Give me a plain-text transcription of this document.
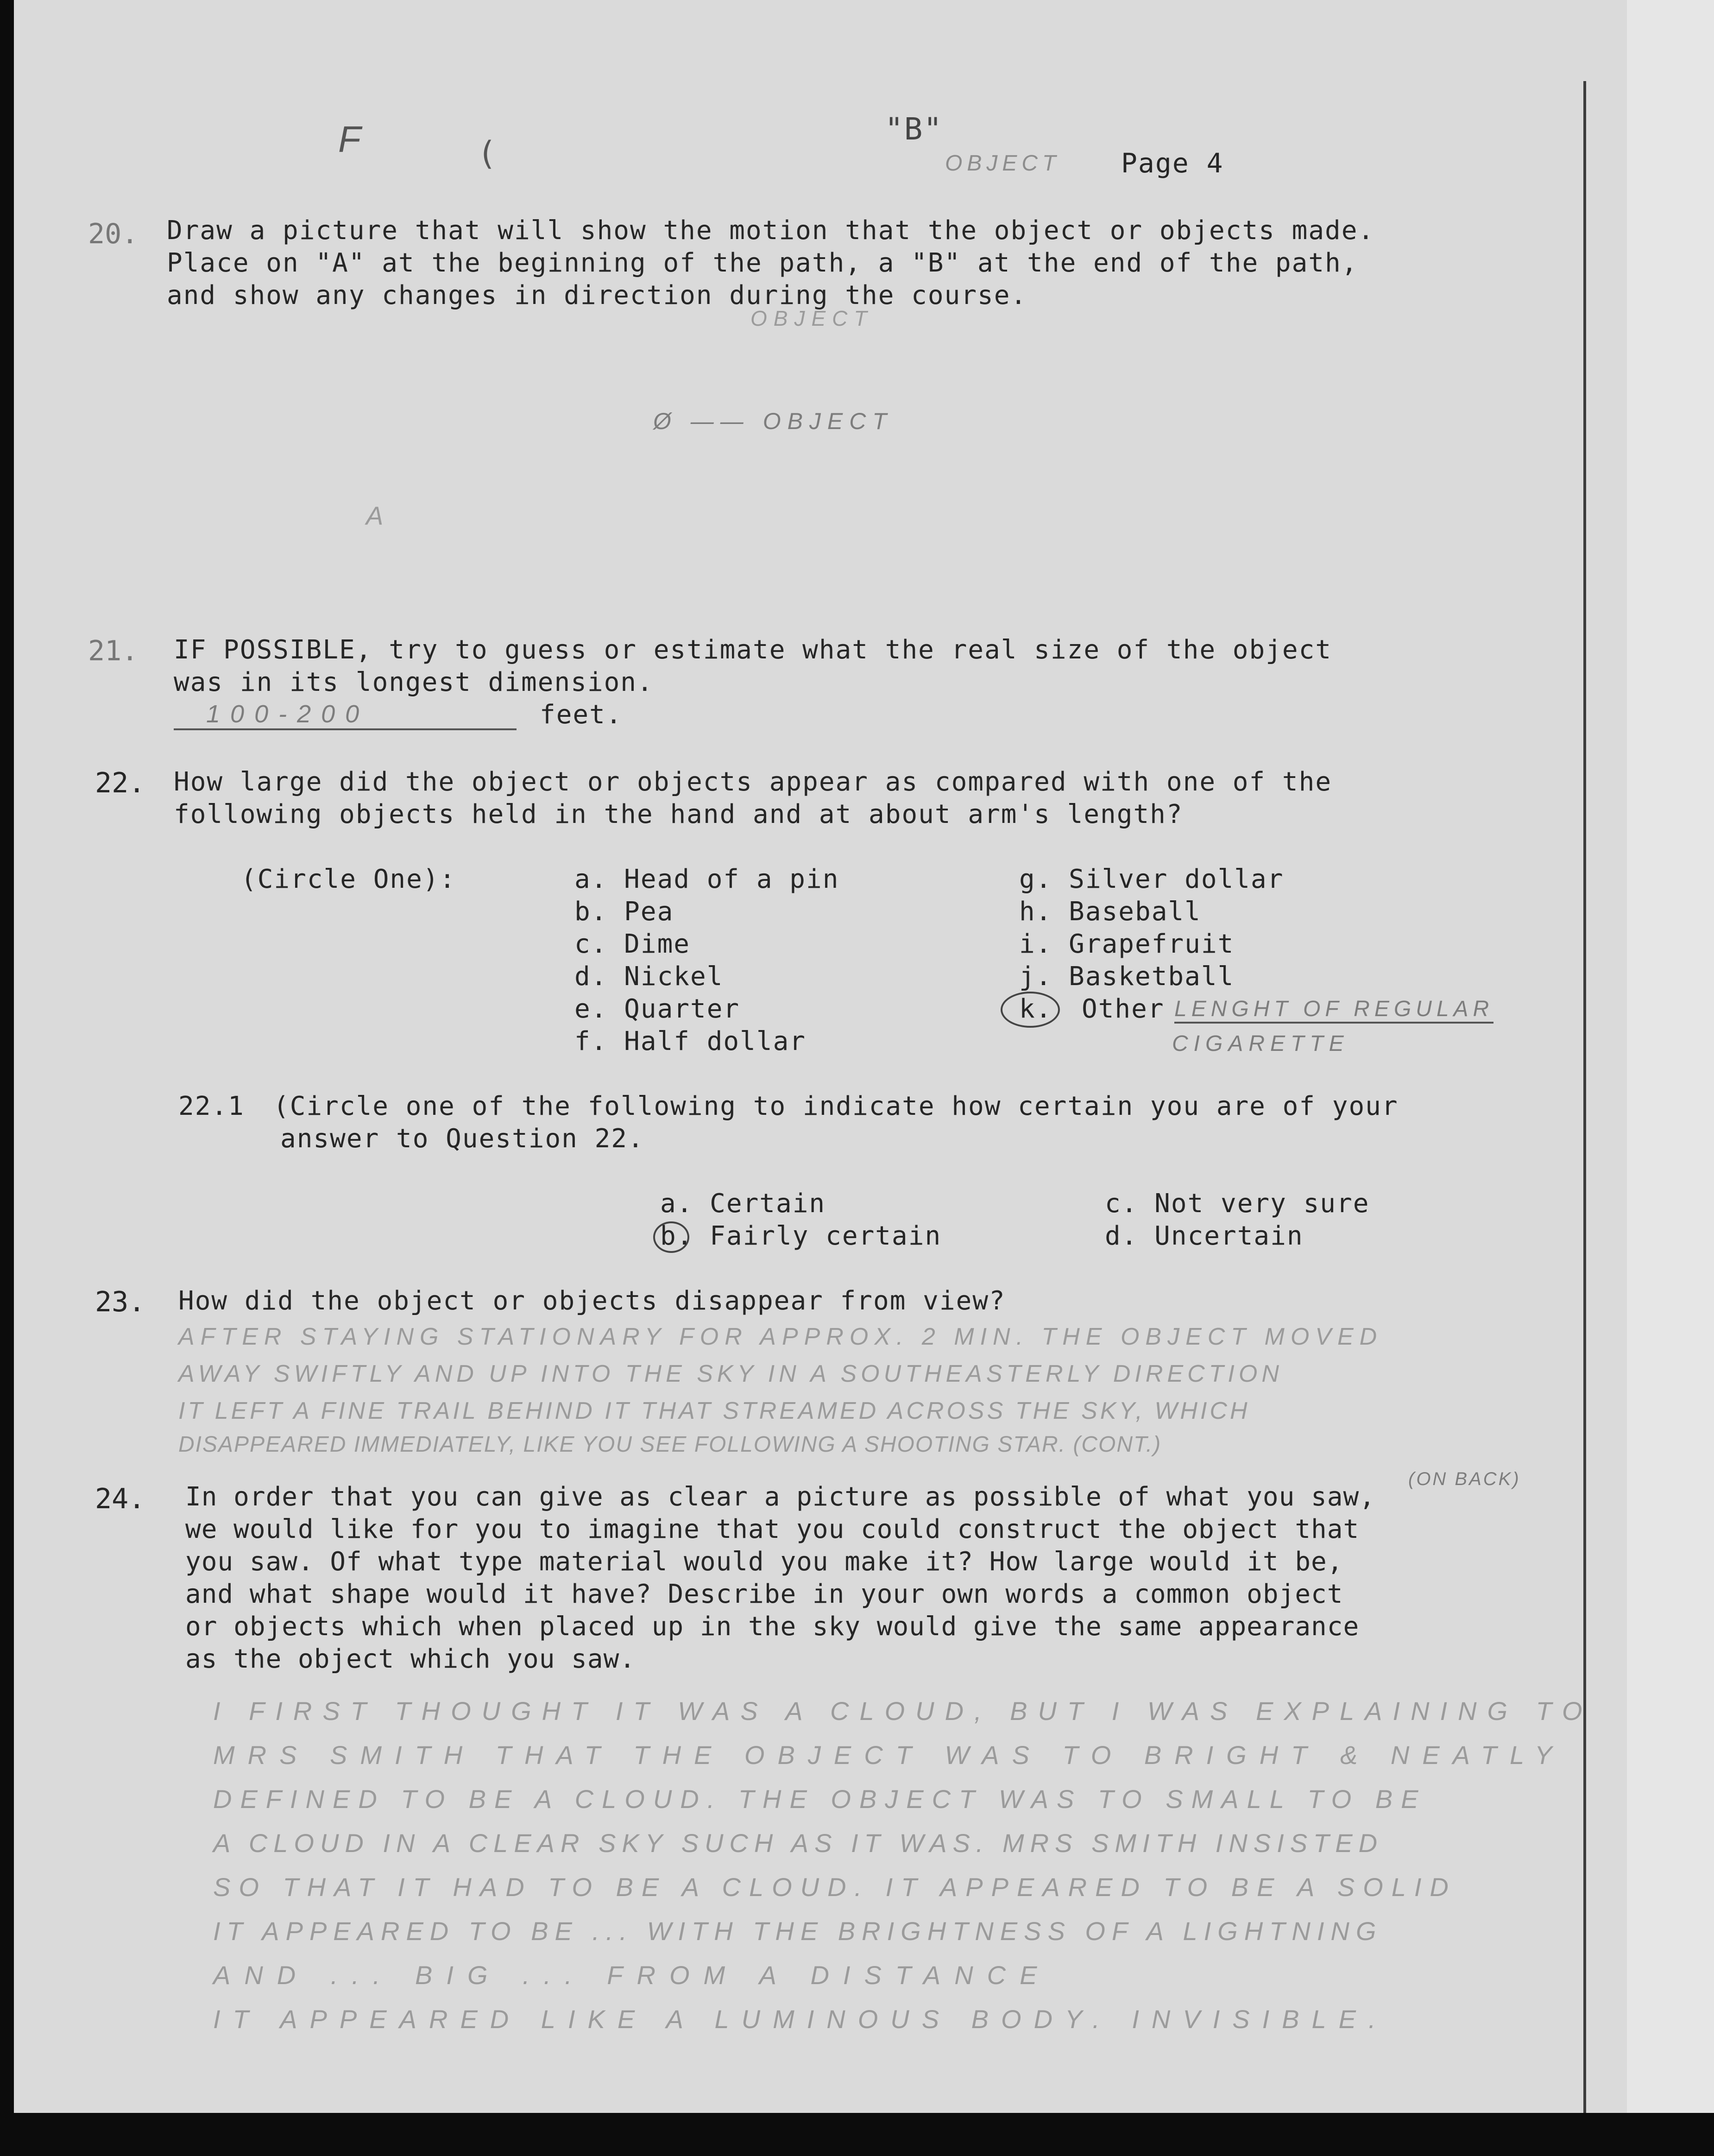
F	(
"B"
OBJECT Page 4
20. Draw a picture that will show the motion that the object or objects made.
Place on "A" at the beginning of the path, a "B" at the end of the path,
and show any changes in direction during the course.
OBJECT
Ø —— OBJECT
A
21. IF POSSIBLE, try to guess or estimate what the real size of the object
was in its longest dimension.
100-200	feet.
22. How large did the object or objects appear as compared with one of the
following objects held in the hand and at about arm's length?
(Circle One):	a. Head of a pin
b. Pea
c. Dime
d. Nickel
e. Quarter
f. Half dollar
g. Silver dollar
h. Baseball
i. Grapefruit
j. Basketball
k. Other LENGHT OF REGULAR
CIGARETTE
22.1 (Circle one of the following to indicate how certain you are of your
answer to Question 22.
a. Certain
b. Fairly certain
c. Not very sure
d. Uncertain
23. How did the object or objects disappear from view?
AFTER STAYING STATIONARY FOR APPROX. 2 MIN. THE OBJECT MOVED
AWAY SWIFTLY AND UP INTO THE SKY IN A SOUTHEASTERLY DIRECTION
IT LEFT A FINE TRAIL BEHIND IT THAT STREAMED ACROSS THE SKY, WHICH
DISAPPEARED IMMEDIATELY, LIKE YOU SEE FOLLOWING A SHOOTING STAR. (CONT.)
(ON BACK)
24. In order that you can give as clear a picture as possible of what you saw,
we would like for you to imagine that you could construct the object that
you saw. Of what type material would you make it? How large would it be,
and what shape would it have? Describe in your own words a common object
or objects which when placed up in the sky would give the same appearance
as the object which you saw.
I FIRST THOUGHT IT WAS A CLOUD, BUT I WAS EXPLAINING TO
MRS SMITH THAT THE OBJECT WAS TO BRIGHT & NEATLY
DEFINED TO BE A CLOUD. THE OBJECT WAS TO SMALL TO BE
A CLOUD IN A CLEAR SKY SUCH AS IT WAS. MRS SMITH INSISTED
SO THAT IT HAD TO BE A CLOUD. IT APPEARED TO BE A SOLID
IT APPEARED TO BE ... WITH THE BRIGHTNESS OF A LIGHTNING
AND ... BIG ... FROM A DISTANCE
IT APPEARED LIKE A LUMINOUS BODY. INVISIBLE.
